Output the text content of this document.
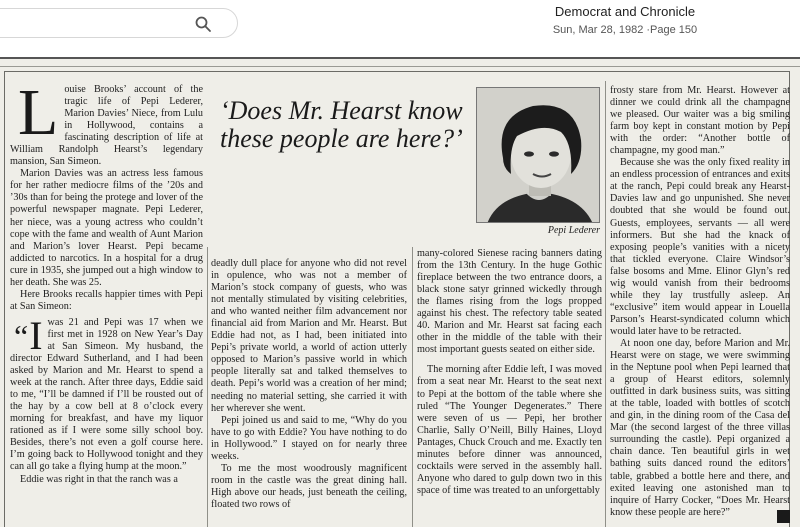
Democrat and Chronicle
Sun, Mar 28, 1982 ·Page 150
L ouise Brooks’ account of the tragic life of Pepi Lederer, Marion Davies’ Niece, from Lulu in Hollywood, contains a fascinating description of life at William Randolph Hearst’s legendary mansion, San Simeon.

Marion Davies was an actress less famous for her rather mediocre films of the ’20s and ’30s than for being the protege and lover of the powerful newspaper magnate. Pepi Lederer, her niece, was a young actress who couldn’t cope with the fame and wealth of Aunt Marion and Marion’s lover Hearst. Pepi became addicted to narcotics. In a hospital for a drug cure in 1935, she jumped out a high window to her death. She was 25.

Here Brooks recalls happier times with Pepi at San Simeon:

“ I was 21 and Pepi was 17 when we first met in 1928 on New Year’s Day at San Simeon. My husband, the director Edward Sutherland, and I had been asked by Marion and Mr. Hearst to spend a week at the ranch. After three days, Eddie said to me, “I’ll be damned if I’ll be rousted out of the hay by a cow bell at 8 o’clock every morning for breakfast, and have my liquor rationed as if I were some silly school boy. Besides, there’s not even a golf course here. I’m going back to Hollywood tonight and they can all go take a flying hump at the moon.”

Eddie was right in that the ranch was a

‘Does Mr. Hearst know these people are here?’
Pepi Lederer

deadly dull place for anyone who did not revel in opulence, who was not a member of Marion’s stock company of guests, who was not mentally stimulated by visiting celebrities, and who wanted neither film advancement nor financial aid from Marion and Mr. Hearst. But Eddie had not, as I had, been initiated into Pepi’s private world, a world of action utterly opposed to Marion’s passive world in which people literally sat and talked themselves to death. Pepi’s world was a creation of her mind; needing no material setting, she carried it with her wherever she went.

Pepi joined us and said to me, “Why do you have to go with Eddie? You have nothing to do in Hollywood.” I stayed on for nearly three weeks.

To me the most woodrously magnificent room in the castle was the great dining hall. High above our heads, just beneath the ceiling, floated two rows of

many-colored Sienese racing banners dating from the 13th Century. In the huge Gothic fireplace between the two entrance doors, a black stone satyr grinned wickedly through the flames rising from the logs propped against his chest. The refectory table seated 40. Marion and Mr. Hearst sat facing each other in the middle of the table with their most important guests seated on either side.

The morning after Eddie left, I was moved from a seat near Mr. Hearst to the seat next to Pepi at the bottom of the table where she ruled “The Younger Degenerates.” There were seven of us — Pepi, her brother Charlie, Sally O’Neill, Billy Haines, Lloyd Pantages, Chuck Crouch and me. Exactly ten minutes before dinner was announced, cocktails were served in the assembly hall. Anyone who dared to gulp down two in this space of time was treated to an unforgettably

frosty stare from Mr. Hearst. However at dinner we could drink all the champagne we pleased. Our waiter was a big smiling farm boy kept in constant motion by Pepi with the order: “Another bottle of champagne, my good man.”

Because she was the only fixed reality in an endless procession of entrances and exits at the ranch, Pepi could break any Hearst-Davies law and go unpunished. She never doubted that she would be found out. Guests, employees, servants — all were informers. But she had the knack of exposing people’s vanities with a nicety that tickled everyone. Claire Windsor’s false bosoms and Mme. Elinor Glyn’s red wig would vanish from their bedrooms while they lay trustfully asleep. An “exclusive” item would appear in Louella Parson’s Hearst-syndicated column which would later have to be retracted.

At noon one day, before Marion and Mr. Hearst were on stage, we were swimming in the Neptune pool when Pepi learned that a group of Hearst editors, solemnly outfitted in dark business suits, was sitting at the table, loaded with bottles of scotch and gin, in the dining room of the Casa del Mar (the second largest of the three villas surrounding the castle). Pepi organized a chain dance. Ten beautiful girls in wet bathing suits danced round the editors’ table, grabbed a bottle here and there, and exited leaving one astonished man to inquire of Harry Cocker, “Does Mr. Hearst know these people are here?”
